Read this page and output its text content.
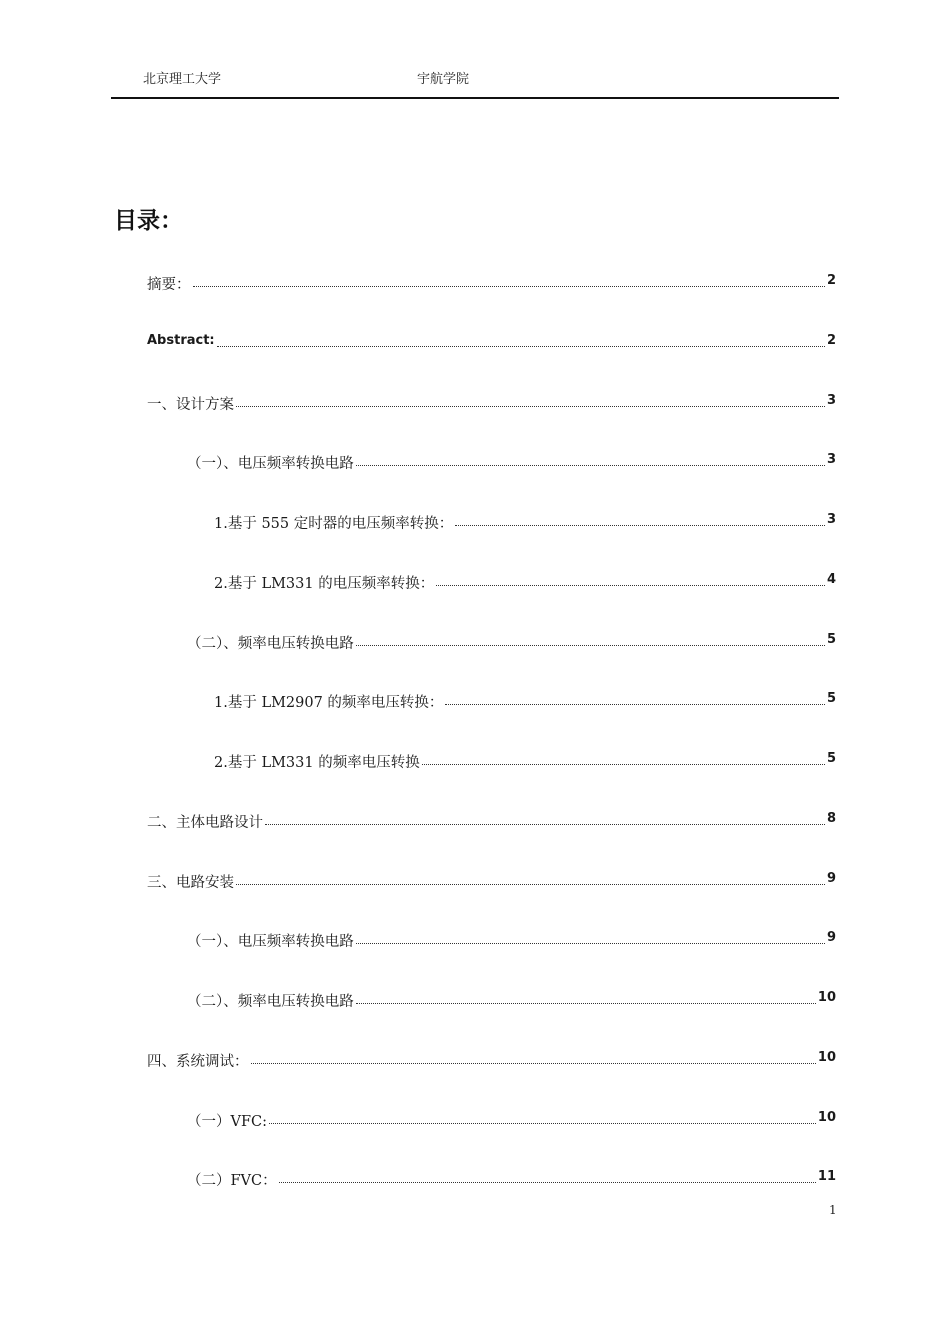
北京理工大学	宇航学院
目录：
摘要：	2
Abstract:	2
一、设计方案	3
（一）、电压频率转换电路	3
1.基于 555 定时器的电压频率转换：	3
2.基于 LM331 的电压频率转换：	4
（二）、频率电压转换电路	5
1.基于 LM2907 的频率电压转换：	5
2.基于 LM331 的频率电压转换	5
二、主体电路设计	8
三、电路安装	9
（一）、电压频率转换电路	9
（二）、频率电压转换电路	10
四、系统调试：	10
（一）VFC:	10
（二）FVC：	11
1
